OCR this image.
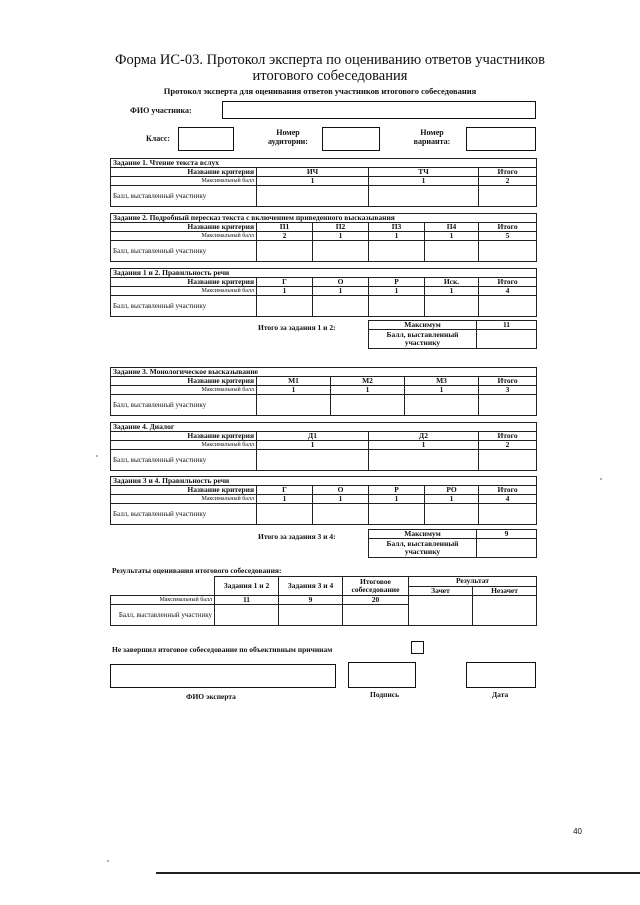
Форма ИС-03. Протокол эксперта по оцениванию ответов участников
итогового собеседования
Протокол эксперта для оценивания ответов участников итогового собеседования
ФИО участника:
Класс:
Номер
аудитории:
Номер
варианта:
Задание 1. Чтение текста вслух			
Название критерия	ИЧ	ТЧ	Итого
Максимальный балл	1	1	2
Балл, выставленный участнику			
Задание 2. Подробный пересказ текста с включением приведенного высказывания					
Название критерия	П1	П2	П3	П4	Итого
Максимальный балл	2	1	1	1	5
Балл, выставленный участнику					
Задания 1 и 2. Правильность речи					
Название критерия	Г	О	Р	Иск.	Итого
Максимальный балл	1	1	1	1	4
Балл, выставленный участнику					
Итого за задания 1 и 2:	Максимум	11
Балл, выставленный участнику	
Задание 3. Монологическое высказывание				
Название критерия	М1	М2	М3	Итого
Максимальный балл	1	1	1	3
Балл, выставленный участнику				
Задание 4. Диалог			
Название критерия	Д1	Д2	Итого
Максимальный балл	1	1	2
Балл, выставленный участнику			
Задания 3 и 4. Правильность речи					
Название критерия	Г	О	Р	РО	Итого
Максимальный балл	1	1	1	1	4
Балл, выставленный участнику					
Итого за задания 3 и 4:	Максимум	9
Балл, выставленный участнику	
Результаты оценивания итогового собеседования:
	Задания 1 и 2	Задания 3 и 4	Итоговое собеседование	Результат	
				Зачет	Незачет
Максимальный балл	11	9	20		
Балл, выставленный участнику					
Не завершил итоговое собеседование по объективным причинам
ФИО эксперта	Подпись	Дата
40
